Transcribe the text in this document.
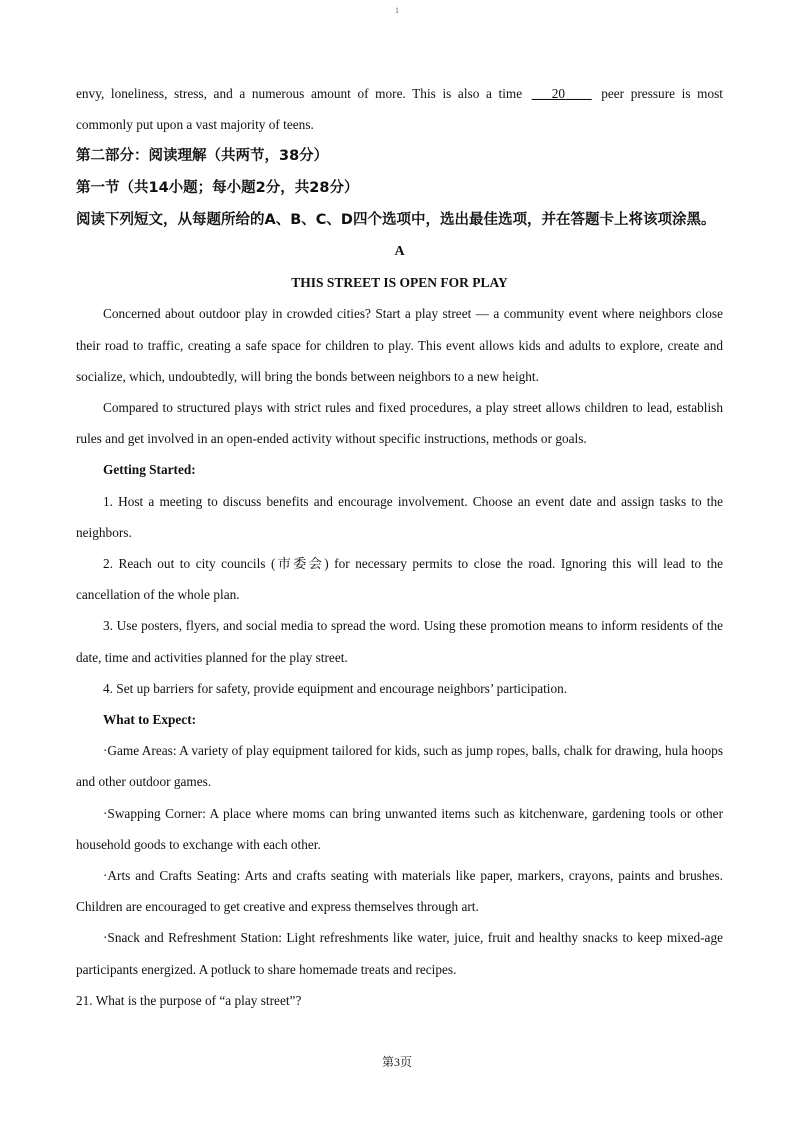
1

envy, loneliness, stress, and a numerous amount of more. This is also a time ___20____ peer pressure is most commonly put upon a vast majority of teens.

第二部分：阅读理解（共两节，38分）

第一节（共14小题；每小题2分，共28分）

阅读下列短文，从每题所给的A、B、C、D四个选项中，选出最佳选项，并在答题卡上将该项涂黑。

A

THIS STREET IS OPEN FOR PLAY

Concerned about outdoor play in crowded cities? Start a play street — a community event where neighbors close their road to traffic, creating a safe space for children to play. This event allows kids and adults to explore, create and socialize, which, undoubtedly, will bring the bonds between neighbors to a new height.

Compared to structured plays with strict rules and fixed procedures, a play street allows children to lead, establish rules and get involved in an open-ended activity without specific instructions, methods or goals.

Getting Started:

1. Host a meeting to discuss benefits and encourage involvement. Choose an event date and assign tasks to the neighbors.

2. Reach out to city councils (市委会) for necessary permits to close the road. Ignoring this will lead to the cancellation of the whole plan.

3. Use posters, flyers, and social media to spread the word. Using these promotion means to inform residents of the date, time and activities planned for the play street.

4. Set up barriers for safety, provide equipment and encourage neighbors’ participation.

What to Expect:

·Game Areas: A variety of play equipment tailored for kids, such as jump ropes, balls, chalk for drawing, hula hoops and other outdoor games.

·Swapping Corner: A place where moms can bring unwanted items such as kitchenware, gardening tools or other household goods to exchange with each other.

·Arts and Crafts Seating: Arts and crafts seating with materials like paper, markers, crayons, paints and brushes. Children are encouraged to get creative and express themselves through art.

·Snack and Refreshment Station: Light refreshments like water, juice, fruit and healthy snacks to keep mixed-age participants energized. A potluck to share homemade treats and recipes.

21. What is the purpose of “a play street”?

第3页
